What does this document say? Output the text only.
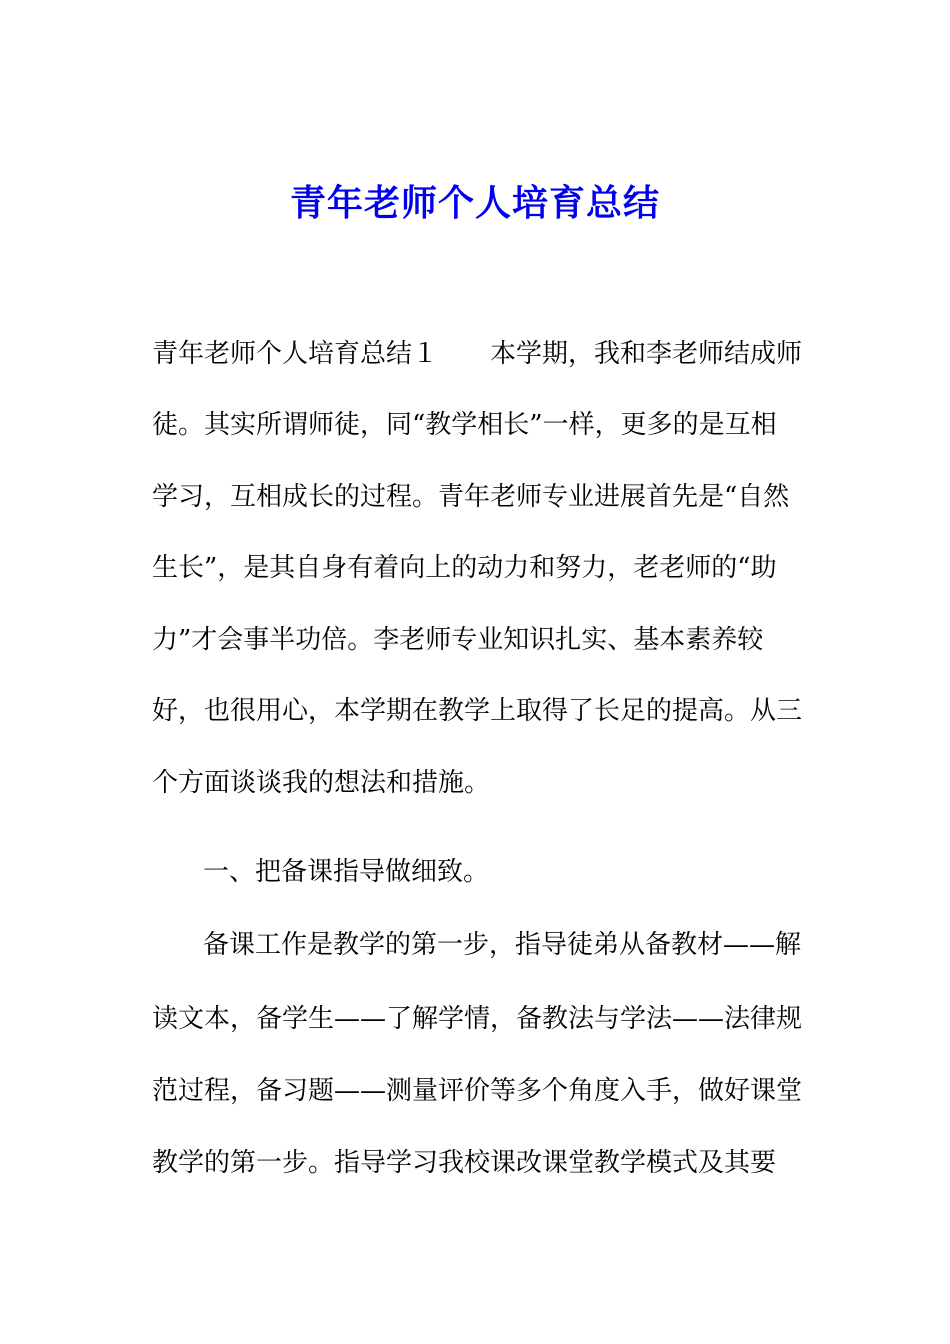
青年老师个人培育总结

青年老师个人培育总结１　　本学期，我和李老师结成师

徒。其实所谓师徒，同“教学相长”一样，更多的是互相

学习，互相成长的过程。青年老师专业进展首先是“自然

生长”，是其自身有着向上的动力和努力，老老师的“助

力”才会事半功倍。李老师专业知识扎实、基本素养较

好，也很用心，本学期在教学上取得了长足的提高。从三

个方面谈谈我的想法和措施。

一、把备课指导做细致。

备课工作是教学的第一步，指导徒弟从备教材——解

读文本，备学生——了解学情，备教法与学法——法律规

范过程，备习题——测量评价等多个角度入手，做好课堂

教学的第一步。指导学习我校课改课堂教学模式及其要
